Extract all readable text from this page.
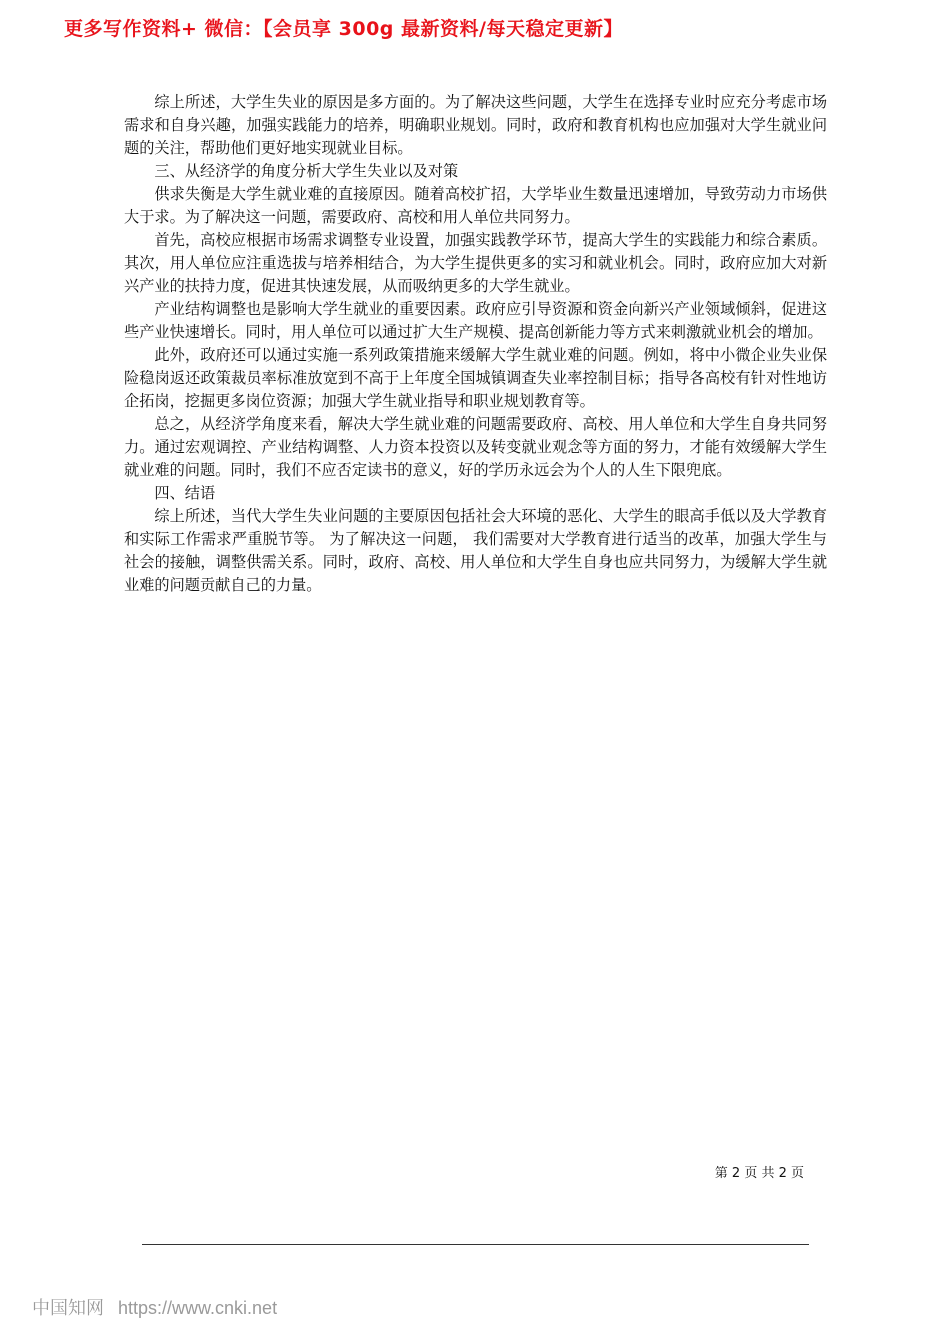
更多写作资料+ 微信：【会员享 300g 最新资料/每天稳定更新】

综上所述，大学生失业的原因是多方面的。为了解决这些问题，大学生在选择专业时应充分考虑市场需求和自身兴趣，加强实践能力的培养，明确职业规划。同时，政府和教育机构也应加强对大学生就业问题的关注，帮助他们更好地实现就业目标。

三、从经济学的角度分析大学生失业以及对策

供求失衡是大学生就业难的直接原因。随着高校扩招，大学毕业生数量迅速增加，导致劳动力市场供大于求。为了解决这一问题，需要政府、高校和用人单位共同努力。

首先，高校应根据市场需求调整专业设置，加强实践教学环节，提高大学生的实践能力和综合素质。其次，用人单位应注重选拔与培养相结合，为大学生提供更多的实习和就业机会。同时，政府应加大对新兴产业的扶持力度，促进其快速发展，从而吸纳更多的大学生就业。

产业结构调整也是影响大学生就业的重要因素。政府应引导资源和资金向新兴产业领域倾斜，促进这些产业快速增长。同时，用人单位可以通过扩大生产规模、提高创新能力等方式来刺激就业机会的增加。

此外，政府还可以通过实施一系列政策措施来缓解大学生就业难的问题。例如，将中小微企业失业保险稳岗返还政策裁员率标准放宽到不高于上年度全国城镇调查失业率控制目标；指导各高校有针对性地访企拓岗，挖掘更多岗位资源；加强大学生就业指导和职业规划教育等。

总之，从经济学角度来看，解决大学生就业难的问题需要政府、高校、用人单位和大学生自身共同努力。通过宏观调控、产业结构调整、人力资本投资以及转变就业观念等方面的努力，才能有效缓解大学生就业难的问题。同时，我们不应否定读书的意义，好的学历永远会为个人的人生下限兜底。

四、结语

综上所述，当代大学生失业问题的主要原因包括社会大环境的恶化、大学生的眼高手低以及大学教育和实际工作需求严重脱节等。 为了解决这一问题， 我们需要对大学教育进行适当的改革，加强大学生与社会的接触，调整供需关系。同时，政府、高校、用人单位和大学生自身也应共同努力，为缓解大学生就业难的问题贡献自己的力量。

第 2 页 共 2 页
中国知网 https://www.cnki.net
